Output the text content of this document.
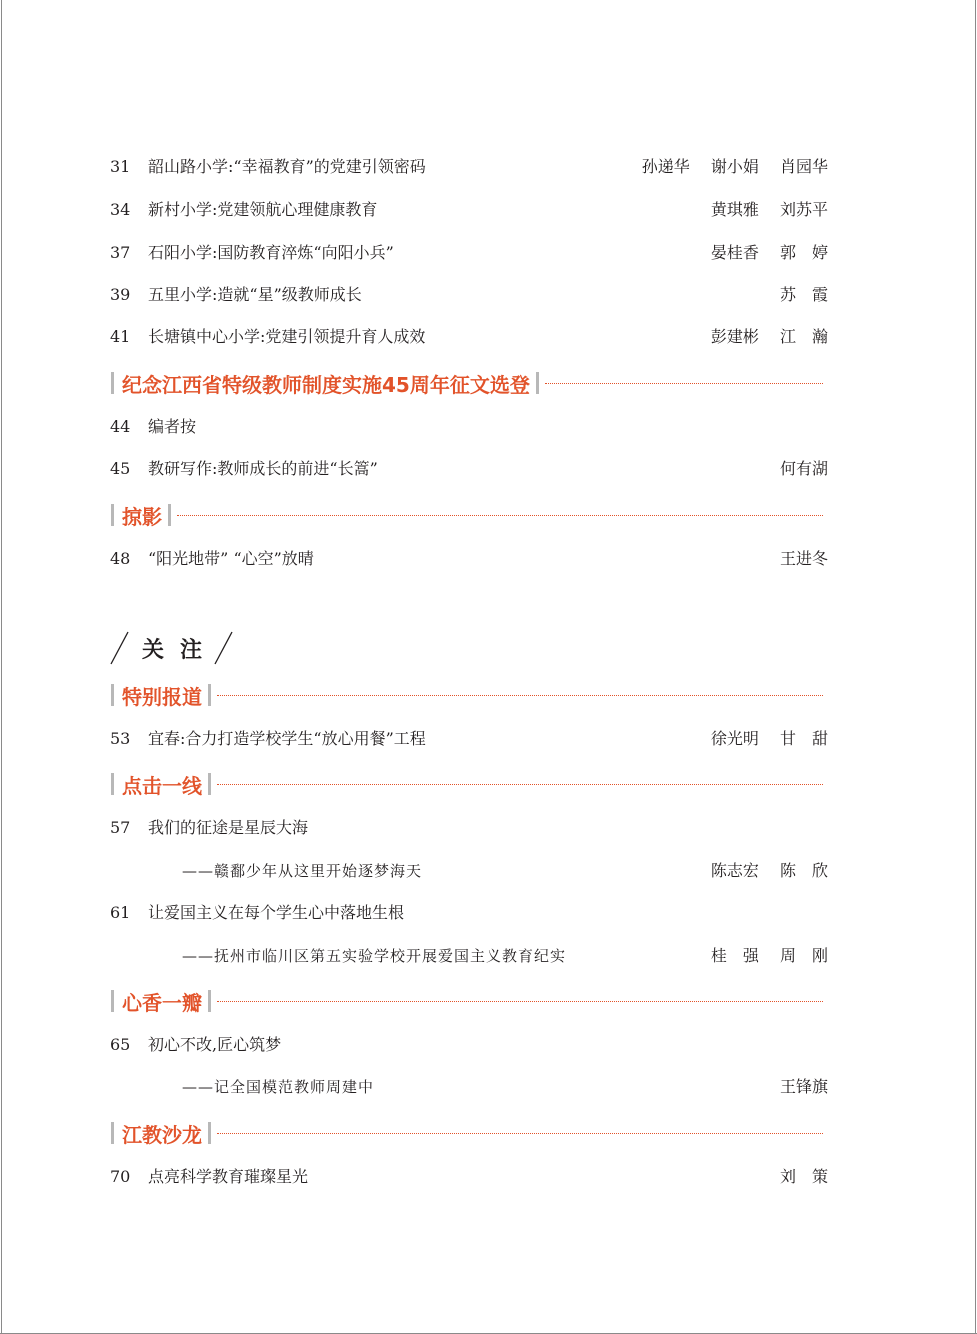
31	韶山路小学:“幸福教育”的党建引领密码	孙递华 谢小娟 肖园华
34	新村小学:党建领航心理健康教育	黄琪雅 刘苏平
37	石阳小学:国防教育淬炼“向阳小兵”	晏桂香 郭　婷
39	五里小学:造就“星”级教师成长	苏　霞
41	长塘镇中心小学:党建引领提升育人成效	彭建彬 江　瀚
纪念江西省特级教师制度实施45周年征文选登
44	编者按
45	教研写作:教师成长的前进“长篙”	何有湖
掠影
48	“阳光地带” “心空”放晴	王进冬
关注
特别报道
53	宜春:合力打造学校学生“放心用餐”工程	徐光明 甘　甜
点击一线
57	我们的征途是星辰大海
——赣鄱少年从这里开始逐梦海天	陈志宏 陈　欣
61	让爱国主义在每个学生心中落地生根
——抚州市临川区第五实验学校开展爱国主义教育纪实	桂　强 周　刚
心香一瓣
65	初心不改,匠心筑梦
——记全国模范教师周建中	王锋旗
江教沙龙
70	点亮科学教育璀璨星光	刘　策
